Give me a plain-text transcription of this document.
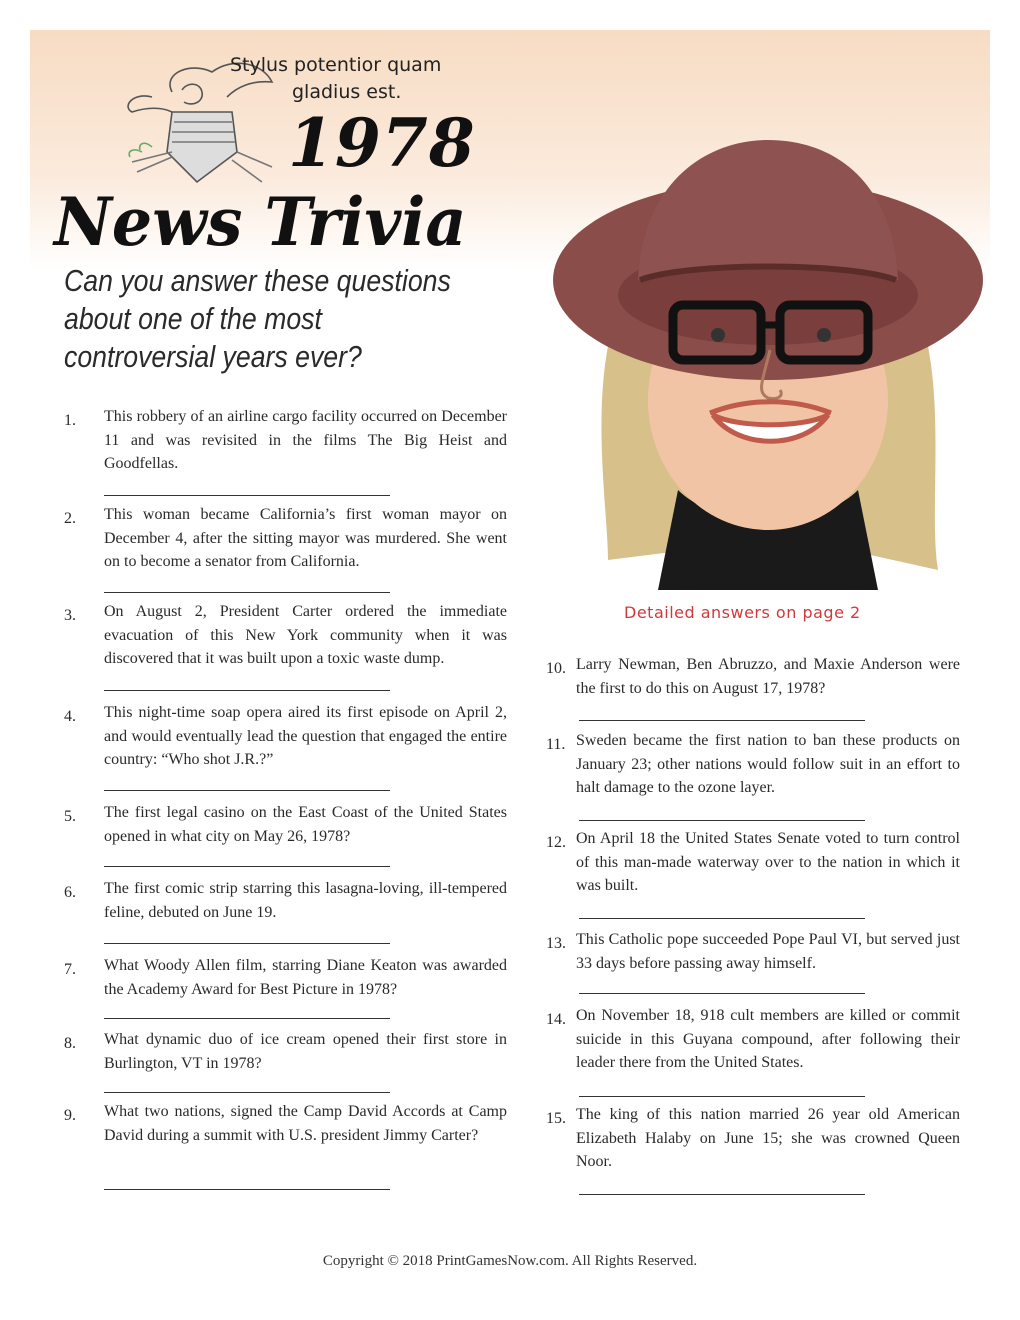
Stylus potentior quam
gladius est.
1978
News Trivia
Can you answer these questions about one of the most controversial years ever?
Detailed answers on page 2
1. This robbery of an airline cargo facility occurred on December 11 and was revisited in the films The Big Heist and Goodfellas.
2. This woman became California’s first woman mayor on December 4, after the sitting mayor was murdered. She went on to become a senator from California.
3. On August 2, President Carter ordered the immediate evacuation of this New York community when it was discovered that it was built upon a toxic waste dump.
4. This night-time soap opera aired its first episode on April 2, and would eventually lead the question that engaged the entire country: “Who shot J.R.?”
5. The first legal casino on the East Coast of the United States opened in what city on May 26, 1978?
6. The first comic strip starring this lasagna-loving, ill-tempered feline, debuted on June 19.
7. What Woody Allen film, starring Diane Keaton was awarded the Academy Award for Best Picture in 1978?
8. What dynamic duo of ice cream opened their first store in Burlington, VT in 1978?
9. What two nations, signed the Camp David Accords at Camp David during a summit with U.S. president Jimmy Carter?
10. Larry Newman, Ben Abruzzo, and Maxie Anderson were the first to do this on August 17, 1978?
11. Sweden became the first nation to ban these products on January 23; other nations would follow suit in an effort to halt damage to the ozone layer.
12. On April 18 the United States Senate voted to turn control of this man-made waterway over to the nation in which it was built.
13. This Catholic pope succeeded Pope Paul VI, but served just 33 days before passing away himself.
14. On November 18, 918 cult members are killed or commit suicide in this Guyana compound, after following their leader there from the United States.
15. The king of this nation married 26 year old American Elizabeth Halaby on June 15; she was crowned Queen Noor.
Copyright © 2018 PrintGamesNow.com. All Rights Reserved.
